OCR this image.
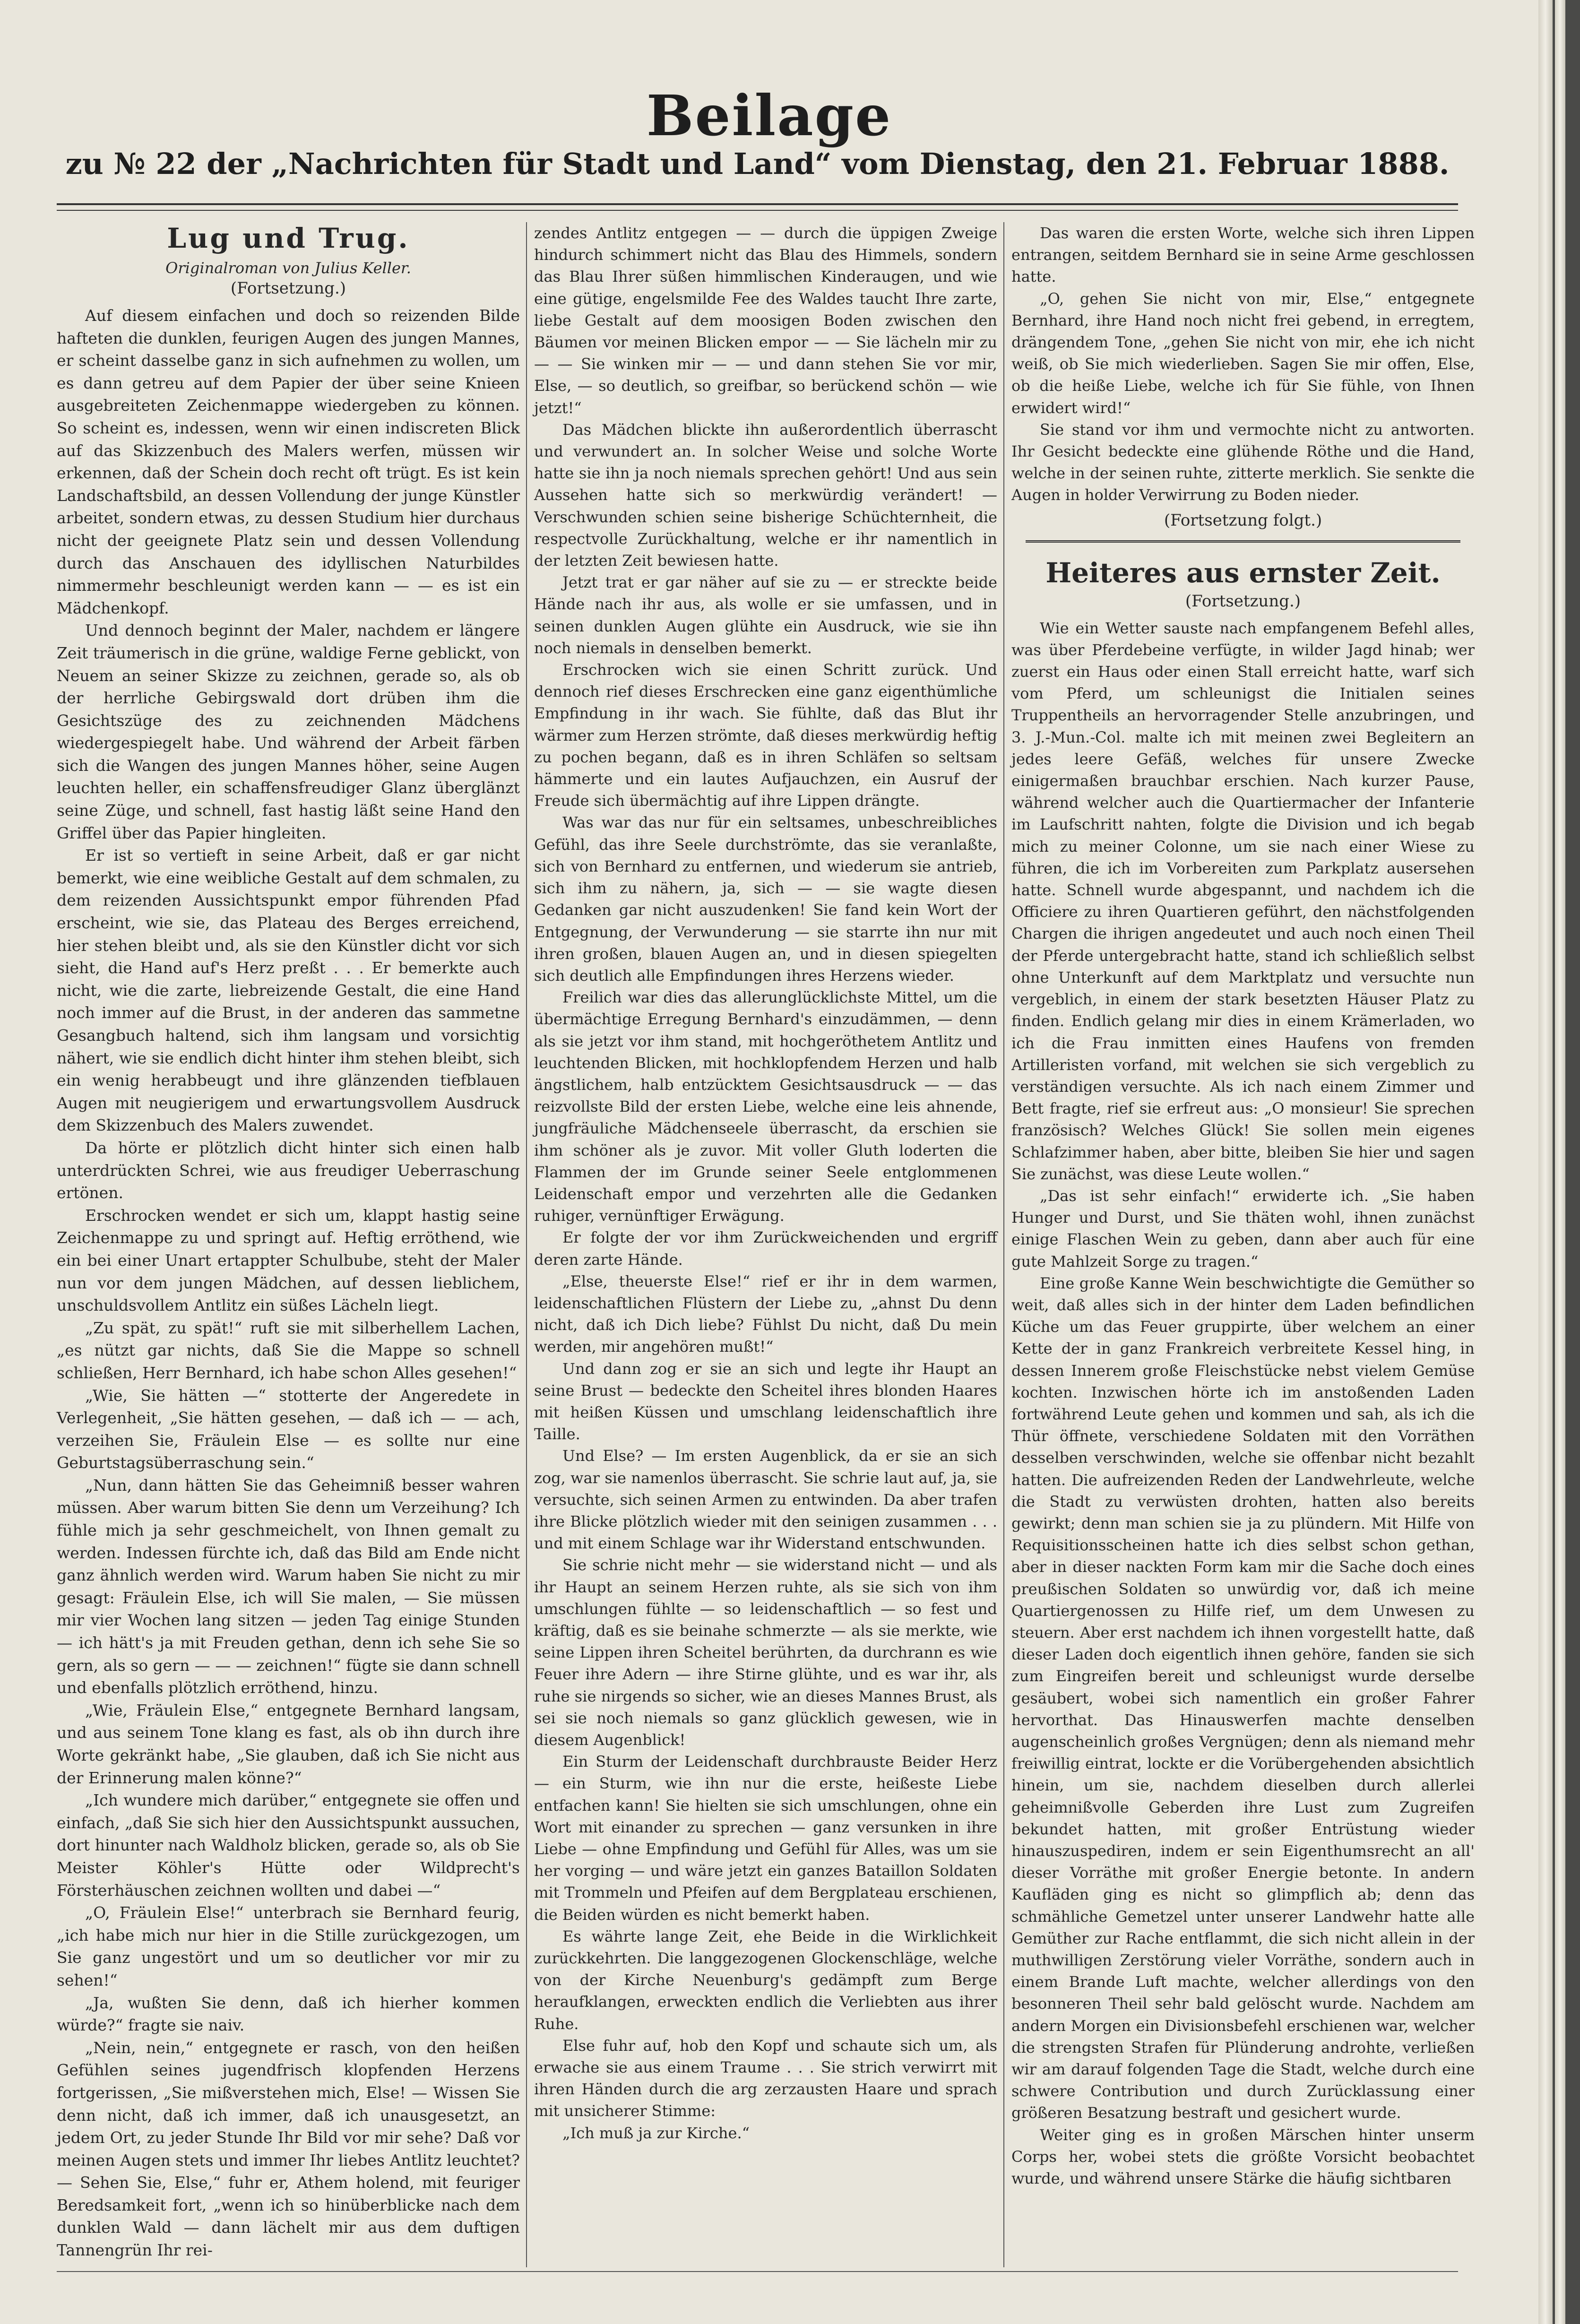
Beilage
zu № 22 der „Nachrichten für Stadt und Land“ vom Dienstag, den 21. Februar 1888.
Lug und Trug.
Originalroman von Julius Keller.
(Fortsetzung.)

Auf diesem einfachen und doch so reizenden Bilde hafteten die dunklen, feurigen Augen des jungen Mannes, er scheint dasselbe ganz in sich aufnehmen zu wollen, um es dann getreu auf dem Papier der über seine Knieen ausgebreiteten Zeichenmappe wiedergeben zu können. So scheint es, indessen, wenn wir einen indiscreten Blick auf das Skizzenbuch des Malers werfen, müssen wir erkennen, daß der Schein doch recht oft trügt. Es ist kein Landschaftsbild, an dessen Vollendung der junge Künstler arbeitet, sondern etwas, zu dessen Studium hier durchaus nicht der geeignete Platz sein und dessen Vollendung durch das Anschauen des idyllischen Naturbildes nimmermehr beschleunigt werden kann — — es ist ein Mädchenkopf.

Und dennoch beginnt der Maler, nachdem er längere Zeit träumerisch in die grüne, waldige Ferne geblickt, von Neuem an seiner Skizze zu zeichnen, gerade so, als ob der herrliche Gebirgswald dort drüben ihm die Gesichtszüge des zu zeichnenden Mädchens wiedergespiegelt habe. Und während der Arbeit färben sich die Wangen des jungen Mannes höher, seine Augen leuchten heller, ein schaffensfreudiger Glanz überglänzt seine Züge, und schnell, fast hastig läßt seine Hand den Griffel über das Papier hingleiten.

Er ist so vertieft in seine Arbeit, daß er gar nicht bemerkt, wie eine weibliche Gestalt auf dem schmalen, zu dem reizenden Aussichtspunkt empor führenden Pfad erscheint, wie sie, das Plateau des Berges erreichend, hier stehen bleibt und, als sie den Künstler dicht vor sich sieht, die Hand auf's Herz preßt . . . Er bemerkte auch nicht, wie die zarte, liebreizende Gestalt, die eine Hand noch immer auf die Brust, in der anderen das sammetne Gesangbuch haltend, sich ihm langsam und vorsichtig nähert, wie sie endlich dicht hinter ihm stehen bleibt, sich ein wenig herabbeugt und ihre glänzenden tiefblauen Augen mit neugierigem und erwartungsvollem Ausdruck dem Skizzenbuch des Malers zuwendet.

Da hörte er plötzlich dicht hinter sich einen halb unterdrückten Schrei, wie aus freudiger Ueberraschung ertönen.

Erschrocken wendet er sich um, klappt hastig seine Zeichenmappe zu und springt auf. Heftig erröthend, wie ein bei einer Unart ertappter Schulbube, steht der Maler nun vor dem jungen Mädchen, auf dessen lieblichem, unschuldsvollem Antlitz ein süßes Lächeln liegt.

„Zu spät, zu spät!“ ruft sie mit silberhellem Lachen, „es nützt gar nichts, daß Sie die Mappe so schnell schließen, Herr Bernhard, ich habe schon Alles gesehen!“

„Wie, Sie hätten —“ stotterte der Angeredete in Verlegenheit, „Sie hätten gesehen, — daß ich — — ach, verzeihen Sie, Fräulein Else — es sollte nur eine Geburtstagsüberraschung sein.“

„Nun, dann hätten Sie das Geheimniß besser wahren müssen. Aber warum bitten Sie denn um Verzeihung? Ich fühle mich ja sehr geschmeichelt, von Ihnen gemalt zu werden. Indessen fürchte ich, daß das Bild am Ende nicht ganz ähnlich werden wird. Warum haben Sie nicht zu mir gesagt: Fräulein Else, ich will Sie malen, — Sie müssen mir vier Wochen lang sitzen — jeden Tag einige Stunden — ich hätt's ja mit Freuden gethan, denn ich sehe Sie so gern, als so gern — — — zeichnen!“ fügte sie dann schnell und ebenfalls plötzlich erröthend, hinzu.

„Wie, Fräulein Else,“ entgegnete Bernhard langsam, und aus seinem Tone klang es fast, als ob ihn durch ihre Worte gekränkt habe, „Sie glauben, daß ich Sie nicht aus der Erinnerung malen könne?“

„Ich wundere mich darüber,“ entgegnete sie offen und einfach, „daß Sie sich hier den Aussichtspunkt aussuchen, dort hinunter nach Waldholz blicken, gerade so, als ob Sie Meister Köhler's Hütte oder Wildprecht's Försterhäuschen zeichnen wollten und dabei —“

„O, Fräulein Else!“ unterbrach sie Bernhard feurig, „ich habe mich nur hier in die Stille zurückgezogen, um Sie ganz ungestört und um so deutlicher vor mir zu sehen!“

„Ja, wußten Sie denn, daß ich hierher kommen würde?“ fragte sie naiv.

„Nein, nein,“ entgegnete er rasch, von den heißen Gefühlen seines jugendfrisch klopfenden Herzens fortgerissen, „Sie mißverstehen mich, Else! — Wissen Sie denn nicht, daß ich immer, daß ich unausgesetzt, an jedem Ort, zu jeder Stunde Ihr Bild vor mir sehe? Daß vor meinen Augen stets und immer Ihr liebes Antlitz leuchtet? — Sehen Sie, Else,“ fuhr er, Athem holend, mit feuriger Beredsamkeit fort, „wenn ich so hinüberblicke nach dem dunklen Wald — dann lächelt mir aus dem duftigen Tannengrün Ihr rei-

zendes Antlitz entgegen — — durch die üppigen Zweige hindurch schimmert nicht das Blau des Himmels, sondern das Blau Ihrer süßen himmlischen Kinderaugen, und wie eine gütige, engelsmilde Fee des Waldes taucht Ihre zarte, liebe Gestalt auf dem moosigen Boden zwischen den Bäumen vor meinen Blicken empor — — Sie lächeln mir zu — — Sie winken mir — — und dann stehen Sie vor mir, Else, — so deutlich, so greifbar, so berückend schön — wie jetzt!“

Das Mädchen blickte ihn außerordentlich überrascht und verwundert an. In solcher Weise und solche Worte hatte sie ihn ja noch niemals sprechen gehört! Und aus sein Aussehen hatte sich so merkwürdig verändert! — Verschwunden schien seine bisherige Schüchternheit, die respectvolle Zurückhaltung, welche er ihr namentlich in der letzten Zeit bewiesen hatte.

Jetzt trat er gar näher auf sie zu — er streckte beide Hände nach ihr aus, als wolle er sie umfassen, und in seinen dunklen Augen glühte ein Ausdruck, wie sie ihn noch niemals in denselben bemerkt.

Erschrocken wich sie einen Schritt zurück. Und dennoch rief dieses Erschrecken eine ganz eigenthümliche Empfindung in ihr wach. Sie fühlte, daß das Blut ihr wärmer zum Herzen strömte, daß dieses merkwürdig heftig zu pochen begann, daß es in ihren Schläfen so seltsam hämmerte und ein lautes Aufjauchzen, ein Ausruf der Freude sich übermächtig auf ihre Lippen drängte.

Was war das nur für ein seltsames, unbeschreibliches Gefühl, das ihre Seele durchströmte, das sie veranlaßte, sich von Bernhard zu entfernen, und wiederum sie antrieb, sich ihm zu nähern, ja, sich — — sie wagte diesen Gedanken gar nicht auszudenken! Sie fand kein Wort der Entgegnung, der Verwunderung — sie starrte ihn nur mit ihren großen, blauen Augen an, und in diesen spiegelten sich deutlich alle Empfindungen ihres Herzens wieder.

Freilich war dies das allerunglücklichste Mittel, um die übermächtige Erregung Bernhard's einzudämmen, — denn als sie jetzt vor ihm stand, mit hochgeröthetem Antlitz und leuchtenden Blicken, mit hochklopfendem Herzen und halb ängstlichem, halb entzücktem Gesichtsausdruck — — das reizvollste Bild der ersten Liebe, welche eine leis ahnende, jungfräuliche Mädchenseele überrascht, da erschien sie ihm schöner als je zuvor. Mit voller Gluth loderten die Flammen der im Grunde seiner Seele entglommenen Leidenschaft empor und verzehrten alle die Gedanken ruhiger, vernünftiger Erwägung.

Er folgte der vor ihm Zurückweichenden und ergriff deren zarte Hände.

„Else, theuerste Else!“ rief er ihr in dem warmen, leidenschaftlichen Flüstern der Liebe zu, „ahnst Du denn nicht, daß ich Dich liebe? Fühlst Du nicht, daß Du mein werden, mir angehören mußt!“

Und dann zog er sie an sich und legte ihr Haupt an seine Brust — bedeckte den Scheitel ihres blonden Haares mit heißen Küssen und umschlang leidenschaftlich ihre Taille.

Und Else? — Im ersten Augenblick, da er sie an sich zog, war sie namenlos überrascht. Sie schrie laut auf, ja, sie versuchte, sich seinen Armen zu entwinden. Da aber trafen ihre Blicke plötzlich wieder mit den seinigen zusammen . . . und mit einem Schlage war ihr Widerstand entschwunden.

Sie schrie nicht mehr — sie widerstand nicht — und als ihr Haupt an seinem Herzen ruhte, als sie sich von ihm umschlungen fühlte — so leidenschaftlich — so fest und kräftig, daß es sie beinahe schmerzte — als sie merkte, wie seine Lippen ihren Scheitel berührten, da durchrann es wie Feuer ihre Adern — ihre Stirne glühte, und es war ihr, als ruhe sie nirgends so sicher, wie an dieses Mannes Brust, als sei sie noch niemals so ganz glücklich gewesen, wie in diesem Augenblick!

Ein Sturm der Leidenschaft durchbrauste Beider Herz — ein Sturm, wie ihn nur die erste, heißeste Liebe entfachen kann! Sie hielten sie sich umschlungen, ohne ein Wort mit einander zu sprechen — ganz versunken in ihre Liebe — ohne Empfindung und Gefühl für Alles, was um sie her vorging — und wäre jetzt ein ganzes Bataillon Soldaten mit Trommeln und Pfeifen auf dem Bergplateau erschienen, die Beiden würden es nicht bemerkt haben.

Es währte lange Zeit, ehe Beide in die Wirklichkeit zurückkehrten. Die langgezogenen Glockenschläge, welche von der Kirche Neuenburg's gedämpft zum Berge heraufklangen, erweckten endlich die Verliebten aus ihrer Ruhe.

Else fuhr auf, hob den Kopf und schaute sich um, als erwache sie aus einem Traume . . . Sie strich verwirrt mit ihren Händen durch die arg zerzausten Haare und sprach mit unsicherer Stimme:

„Ich muß ja zur Kirche.“

Das waren die ersten Worte, welche sich ihren Lippen entrangen, seitdem Bernhard sie in seine Arme geschlossen hatte.

„O, gehen Sie nicht von mir, Else,“ entgegnete Bernhard, ihre Hand noch nicht frei gebend, in erregtem, drängendem Tone, „gehen Sie nicht von mir, ehe ich nicht weiß, ob Sie mich wiederlieben. Sagen Sie mir offen, Else, ob die heiße Liebe, welche ich für Sie fühle, von Ihnen erwidert wird!“

Sie stand vor ihm und vermochte nicht zu antworten. Ihr Gesicht bedeckte eine glühende Röthe und die Hand, welche in der seinen ruhte, zitterte merklich. Sie senkte die Augen in holder Verwirrung zu Boden nieder.

(Fortsetzung folgt.)
Heiteres aus ernster Zeit.
(Fortsetzung.)

Wie ein Wetter sauste nach empfangenem Befehl alles, was über Pferdebeine verfügte, in wilder Jagd hinab; wer zuerst ein Haus oder einen Stall erreicht hatte, warf sich vom Pferd, um schleunigst die Initialen seines Truppentheils an hervorragender Stelle anzubringen, und 3. J.-Mun.-Col. malte ich mit meinen zwei Begleitern an jedes leere Gefäß, welches für unsere Zwecke einigermaßen brauchbar erschien. Nach kurzer Pause, während welcher auch die Quartiermacher der Infanterie im Laufschritt nahten, folgte die Division und ich begab mich zu meiner Colonne, um sie nach einer Wiese zu führen, die ich im Vorbereiten zum Parkplatz ausersehen hatte. Schnell wurde abgespannt, und nachdem ich die Officiere zu ihren Quartieren geführt, den nächstfolgenden Chargen die ihrigen angedeutet und auch noch einen Theil der Pferde untergebracht hatte, stand ich schließlich selbst ohne Unterkunft auf dem Marktplatz und versuchte nun vergeblich, in einem der stark besetzten Häuser Platz zu finden. Endlich gelang mir dies in einem Krämerladen, wo ich die Frau inmitten eines Haufens von fremden Artilleristen vorfand, mit welchen sie sich vergeblich zu verständigen versuchte. Als ich nach einem Zimmer und Bett fragte, rief sie erfreut aus: „O monsieur! Sie sprechen französisch? Welches Glück! Sie sollen mein eigenes Schlafzimmer haben, aber bitte, bleiben Sie hier und sagen Sie zunächst, was diese Leute wollen.“

„Das ist sehr einfach!“ erwiderte ich. „Sie haben Hunger und Durst, und Sie thäten wohl, ihnen zunächst einige Flaschen Wein zu geben, dann aber auch für eine gute Mahlzeit Sorge zu tragen.“

Eine große Kanne Wein beschwichtigte die Gemüther so weit, daß alles sich in der hinter dem Laden befindlichen Küche um das Feuer gruppirte, über welchem an einer Kette der in ganz Frankreich verbreitete Kessel hing, in dessen Innerem große Fleischstücke nebst vielem Gemüse kochten. Inzwischen hörte ich im anstoßenden Laden fortwährend Leute gehen und kommen und sah, als ich die Thür öffnete, verschiedene Soldaten mit den Vorräthen desselben verschwinden, welche sie offenbar nicht bezahlt hatten. Die aufreizenden Reden der Landwehrleute, welche die Stadt zu verwüsten drohten, hatten also bereits gewirkt; denn man schien sie ja zu plündern. Mit Hilfe von Requisitionsscheinen hatte ich dies selbst schon gethan, aber in dieser nackten Form kam mir die Sache doch eines preußischen Soldaten so unwürdig vor, daß ich meine Quartiergenossen zu Hilfe rief, um dem Unwesen zu steuern. Aber erst nachdem ich ihnen vorgestellt hatte, daß dieser Laden doch eigentlich ihnen gehöre, fanden sie sich zum Eingreifen bereit und schleunigst wurde derselbe gesäubert, wobei sich namentlich ein großer Fahrer hervorthat. Das Hinauswerfen machte denselben augenscheinlich großes Vergnügen; denn als niemand mehr freiwillig eintrat, lockte er die Vorübergehenden absichtlich hinein, um sie, nachdem dieselben durch allerlei geheimnißvolle Geberden ihre Lust zum Zugreifen bekundet hatten, mit großer Entrüstung wieder hinauszuspediren, indem er sein Eigenthumsrecht an all' dieser Vorräthe mit großer Energie betonte. In andern Kaufläden ging es nicht so glimpflich ab; denn das schmähliche Gemetzel unter unserer Landwehr hatte alle Gemüther zur Rache entflammt, die sich nicht allein in der muthwilligen Zerstörung vieler Vorräthe, sondern auch in einem Brande Luft machte, welcher allerdings von den besonneren Theil sehr bald gelöscht wurde. Nachdem am andern Morgen ein Divisionsbefehl erschienen war, welcher die strengsten Strafen für Plünderung androhte, verließen wir am darauf folgenden Tage die Stadt, welche durch eine schwere Contribution und durch Zurücklassung einer größeren Besatzung bestraft und gesichert wurde.

Weiter ging es in großen Märschen hinter unserm Corps her, wobei stets die größte Vorsicht beobachtet wurde, und während unsere Stärke die häufig sichtbaren
